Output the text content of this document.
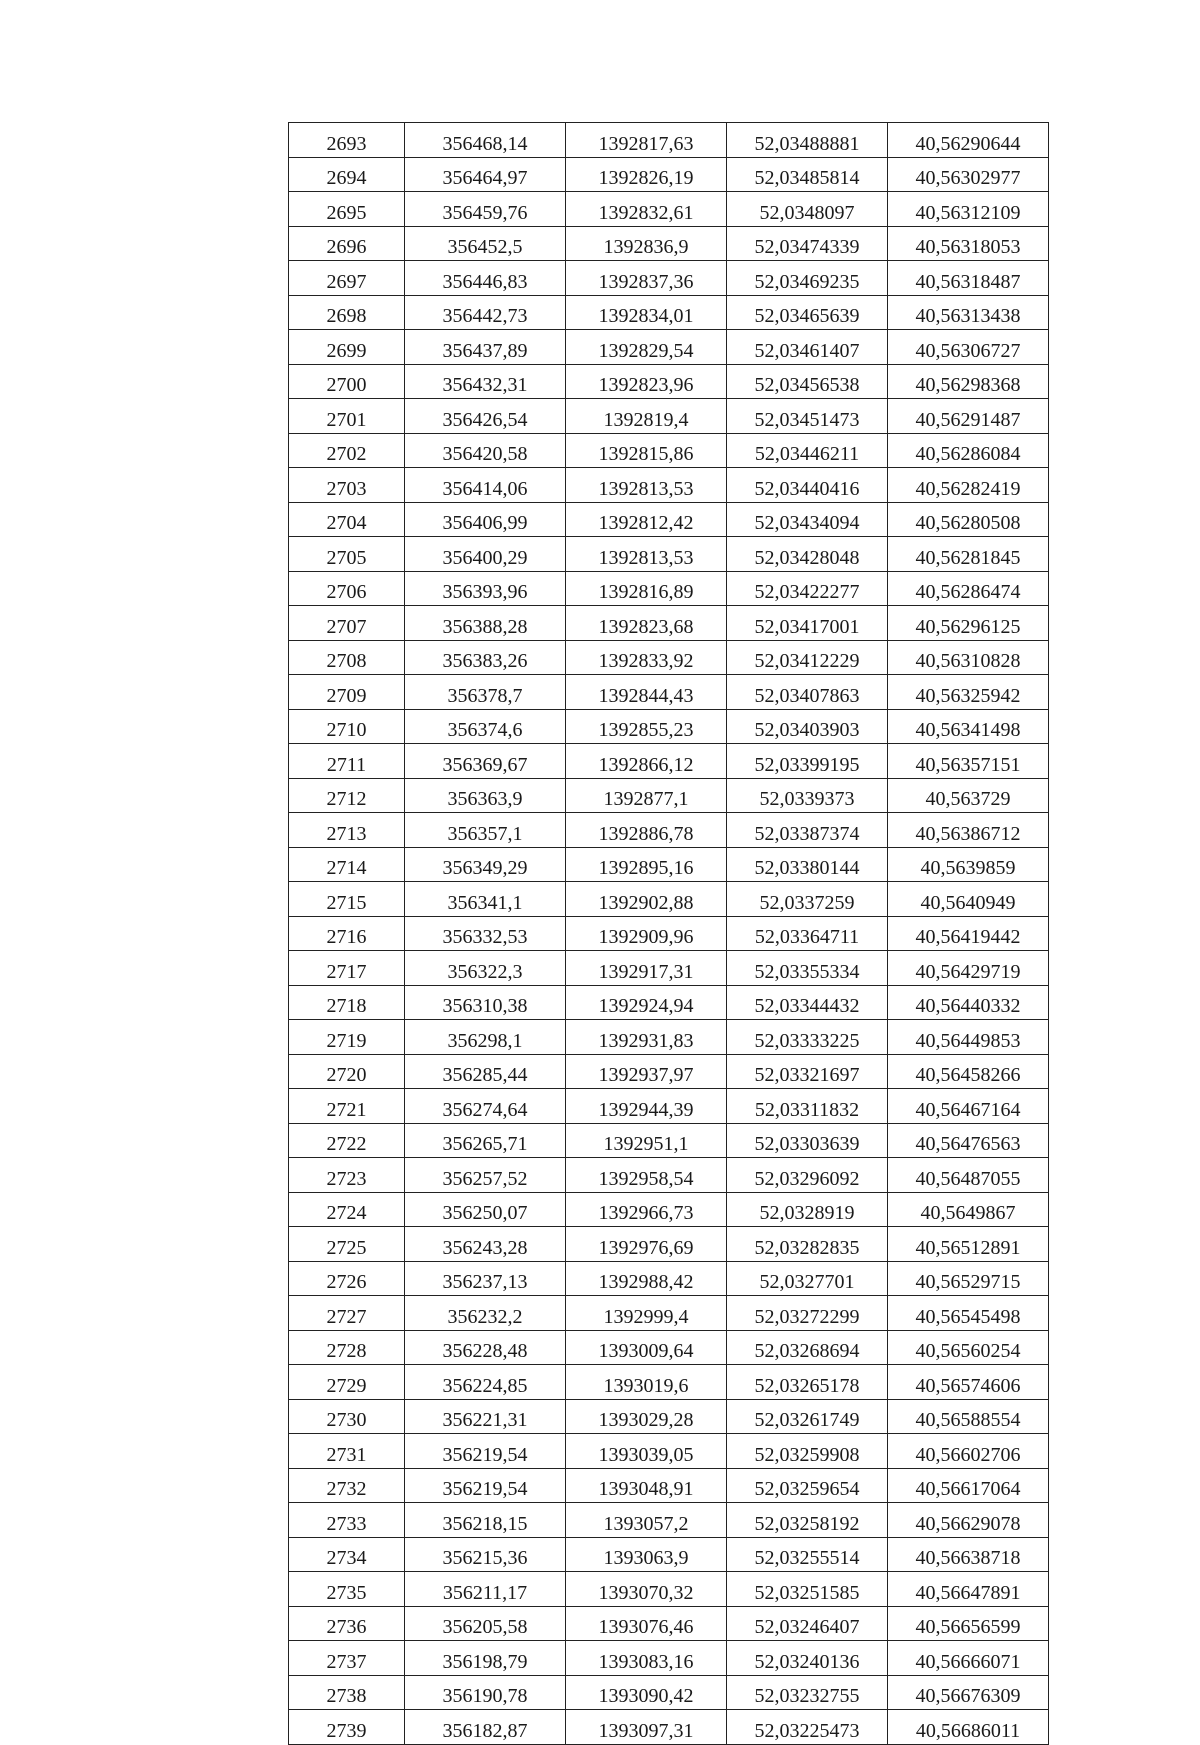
2693	356468,14	1392817,63	52,03488881	40,56290644
2694	356464,97	1392826,19	52,03485814	40,56302977
2695	356459,76	1392832,61	52,0348097	40,56312109
2696	356452,5	1392836,9	52,03474339	40,56318053
2697	356446,83	1392837,36	52,03469235	40,56318487
2698	356442,73	1392834,01	52,03465639	40,56313438
2699	356437,89	1392829,54	52,03461407	40,56306727
2700	356432,31	1392823,96	52,03456538	40,56298368
2701	356426,54	1392819,4	52,03451473	40,56291487
2702	356420,58	1392815,86	52,03446211	40,56286084
2703	356414,06	1392813,53	52,03440416	40,56282419
2704	356406,99	1392812,42	52,03434094	40,56280508
2705	356400,29	1392813,53	52,03428048	40,56281845
2706	356393,96	1392816,89	52,03422277	40,56286474
2707	356388,28	1392823,68	52,03417001	40,56296125
2708	356383,26	1392833,92	52,03412229	40,56310828
2709	356378,7	1392844,43	52,03407863	40,56325942
2710	356374,6	1392855,23	52,03403903	40,56341498
2711	356369,67	1392866,12	52,03399195	40,56357151
2712	356363,9	1392877,1	52,0339373	40,563729
2713	356357,1	1392886,78	52,03387374	40,56386712
2714	356349,29	1392895,16	52,03380144	40,5639859
2715	356341,1	1392902,88	52,0337259	40,5640949
2716	356332,53	1392909,96	52,03364711	40,56419442
2717	356322,3	1392917,31	52,03355334	40,56429719
2718	356310,38	1392924,94	52,03344432	40,56440332
2719	356298,1	1392931,83	52,03333225	40,56449853
2720	356285,44	1392937,97	52,03321697	40,56458266
2721	356274,64	1392944,39	52,03311832	40,56467164
2722	356265,71	1392951,1	52,03303639	40,56476563
2723	356257,52	1392958,54	52,03296092	40,56487055
2724	356250,07	1392966,73	52,0328919	40,5649867
2725	356243,28	1392976,69	52,03282835	40,56512891
2726	356237,13	1392988,42	52,0327701	40,56529715
2727	356232,2	1392999,4	52,03272299	40,56545498
2728	356228,48	1393009,64	52,03268694	40,56560254
2729	356224,85	1393019,6	52,03265178	40,56574606
2730	356221,31	1393029,28	52,03261749	40,56588554
2731	356219,54	1393039,05	52,03259908	40,56602706
2732	356219,54	1393048,91	52,03259654	40,56617064
2733	356218,15	1393057,2	52,03258192	40,56629078
2734	356215,36	1393063,9	52,03255514	40,56638718
2735	356211,17	1393070,32	52,03251585	40,56647891
2736	356205,58	1393076,46	52,03246407	40,56656599
2737	356198,79	1393083,16	52,03240136	40,56666071
2738	356190,78	1393090,42	52,03232755	40,56676309
2739	356182,87	1393097,31	52,03225473	40,56686011
